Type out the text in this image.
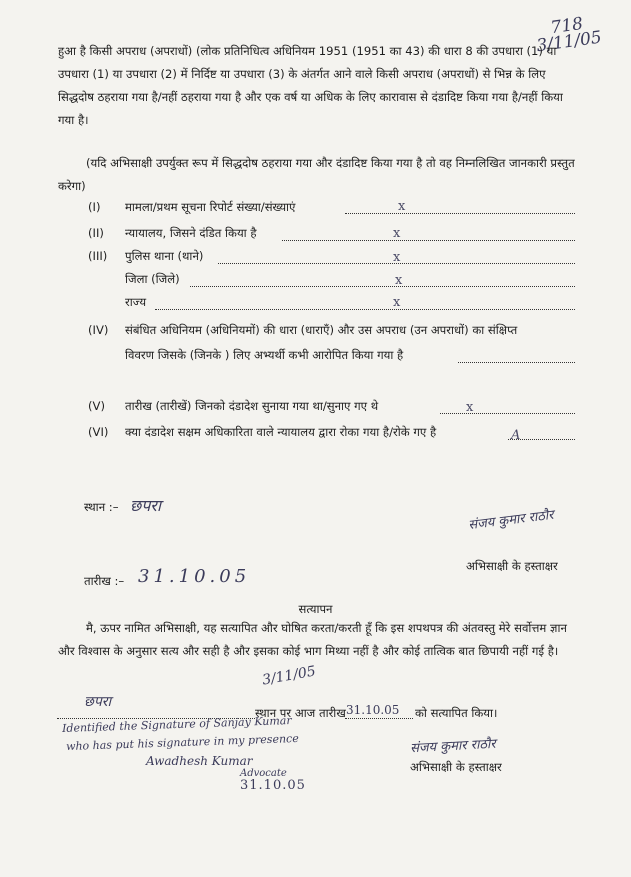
718 3/11/05
हुआ है किसी अपराध (अपराधों) (लोक प्रतिनिधित्व अधिनियम 1951 (1951 का 43) की धारा 8 की उपधारा (1) या उपधारा (1) या उपधारा (2) में निर्दिष्ट या उपधारा (3) के अंतर्गत आने वाले किसी अपराध (अपराधों) से भिन्न के लिए सिद्धदोष ठहराया गया है/नहीं ठहराया गया है और एक वर्ष या अधिक के लिए कारावास से दंडादिष्ट किया गया है/नहीं किया गया है।
(यदि अभिसाक्षी उपर्युक्त रूप में सिद्धदोष ठहराया गया और दंडादिष्ट किया गया है तो वह निम्नलिखित जानकारी प्रस्तुत करेगा)
(I) मामला/प्रथम सूचना रिपोर्ट संख्या/संख्याएं	x
(II) न्यायालय, जिसने दंडित किया है	x
(III) पुलिस थाना (थाने)	x
जिला (जिले)	x
राज्य	x
(IV) संबंधित अधिनियम (अधिनियमों) की धारा (धाराएँ) और उस अपराध (उन अपराधों) का संक्षिप्त
विवरण जिसके (जिनके ) लिए अभ्यर्थी कभी आरोपित किया गया है
(V) तारीख (तारीखें) जिनको दंडादेश सुनाया गया था/सुनाए गए थे	x
(VI) क्या दंडादेश सक्षम अधिकारिता वाले न्यायालय द्वारा रोका गया है/रोके गए है	A
स्थान :– छपरा
संजय कुमार राठौर
अभिसाक्षी के हस्ताक्षर
तारीख :– 31.10.05
सत्यापन
मै, ऊपर नामित अभिसाक्षी, यह सत्यापित और घोषित करता/करती हूँ कि इस शपथपत्र की अंतवस्तु मेरे सर्वोत्तम ज्ञान और विश्वास के अनुसार सत्य और सही है और इसका कोई भाग मिथ्या नहीं है और कोई तात्विक बात छिपायी नहीं गई है।
3/11/05
छपरा
स्थान पर आज तारीख 31.10.05 को सत्यापित किया।
Identified the Signature of Sanjay Kumar
who has put his signature in my presence
Awadhesh Kumar
Advocate
31.10.05
संजय कुमार राठौर
अभिसाक्षी के हस्ताक्षर
